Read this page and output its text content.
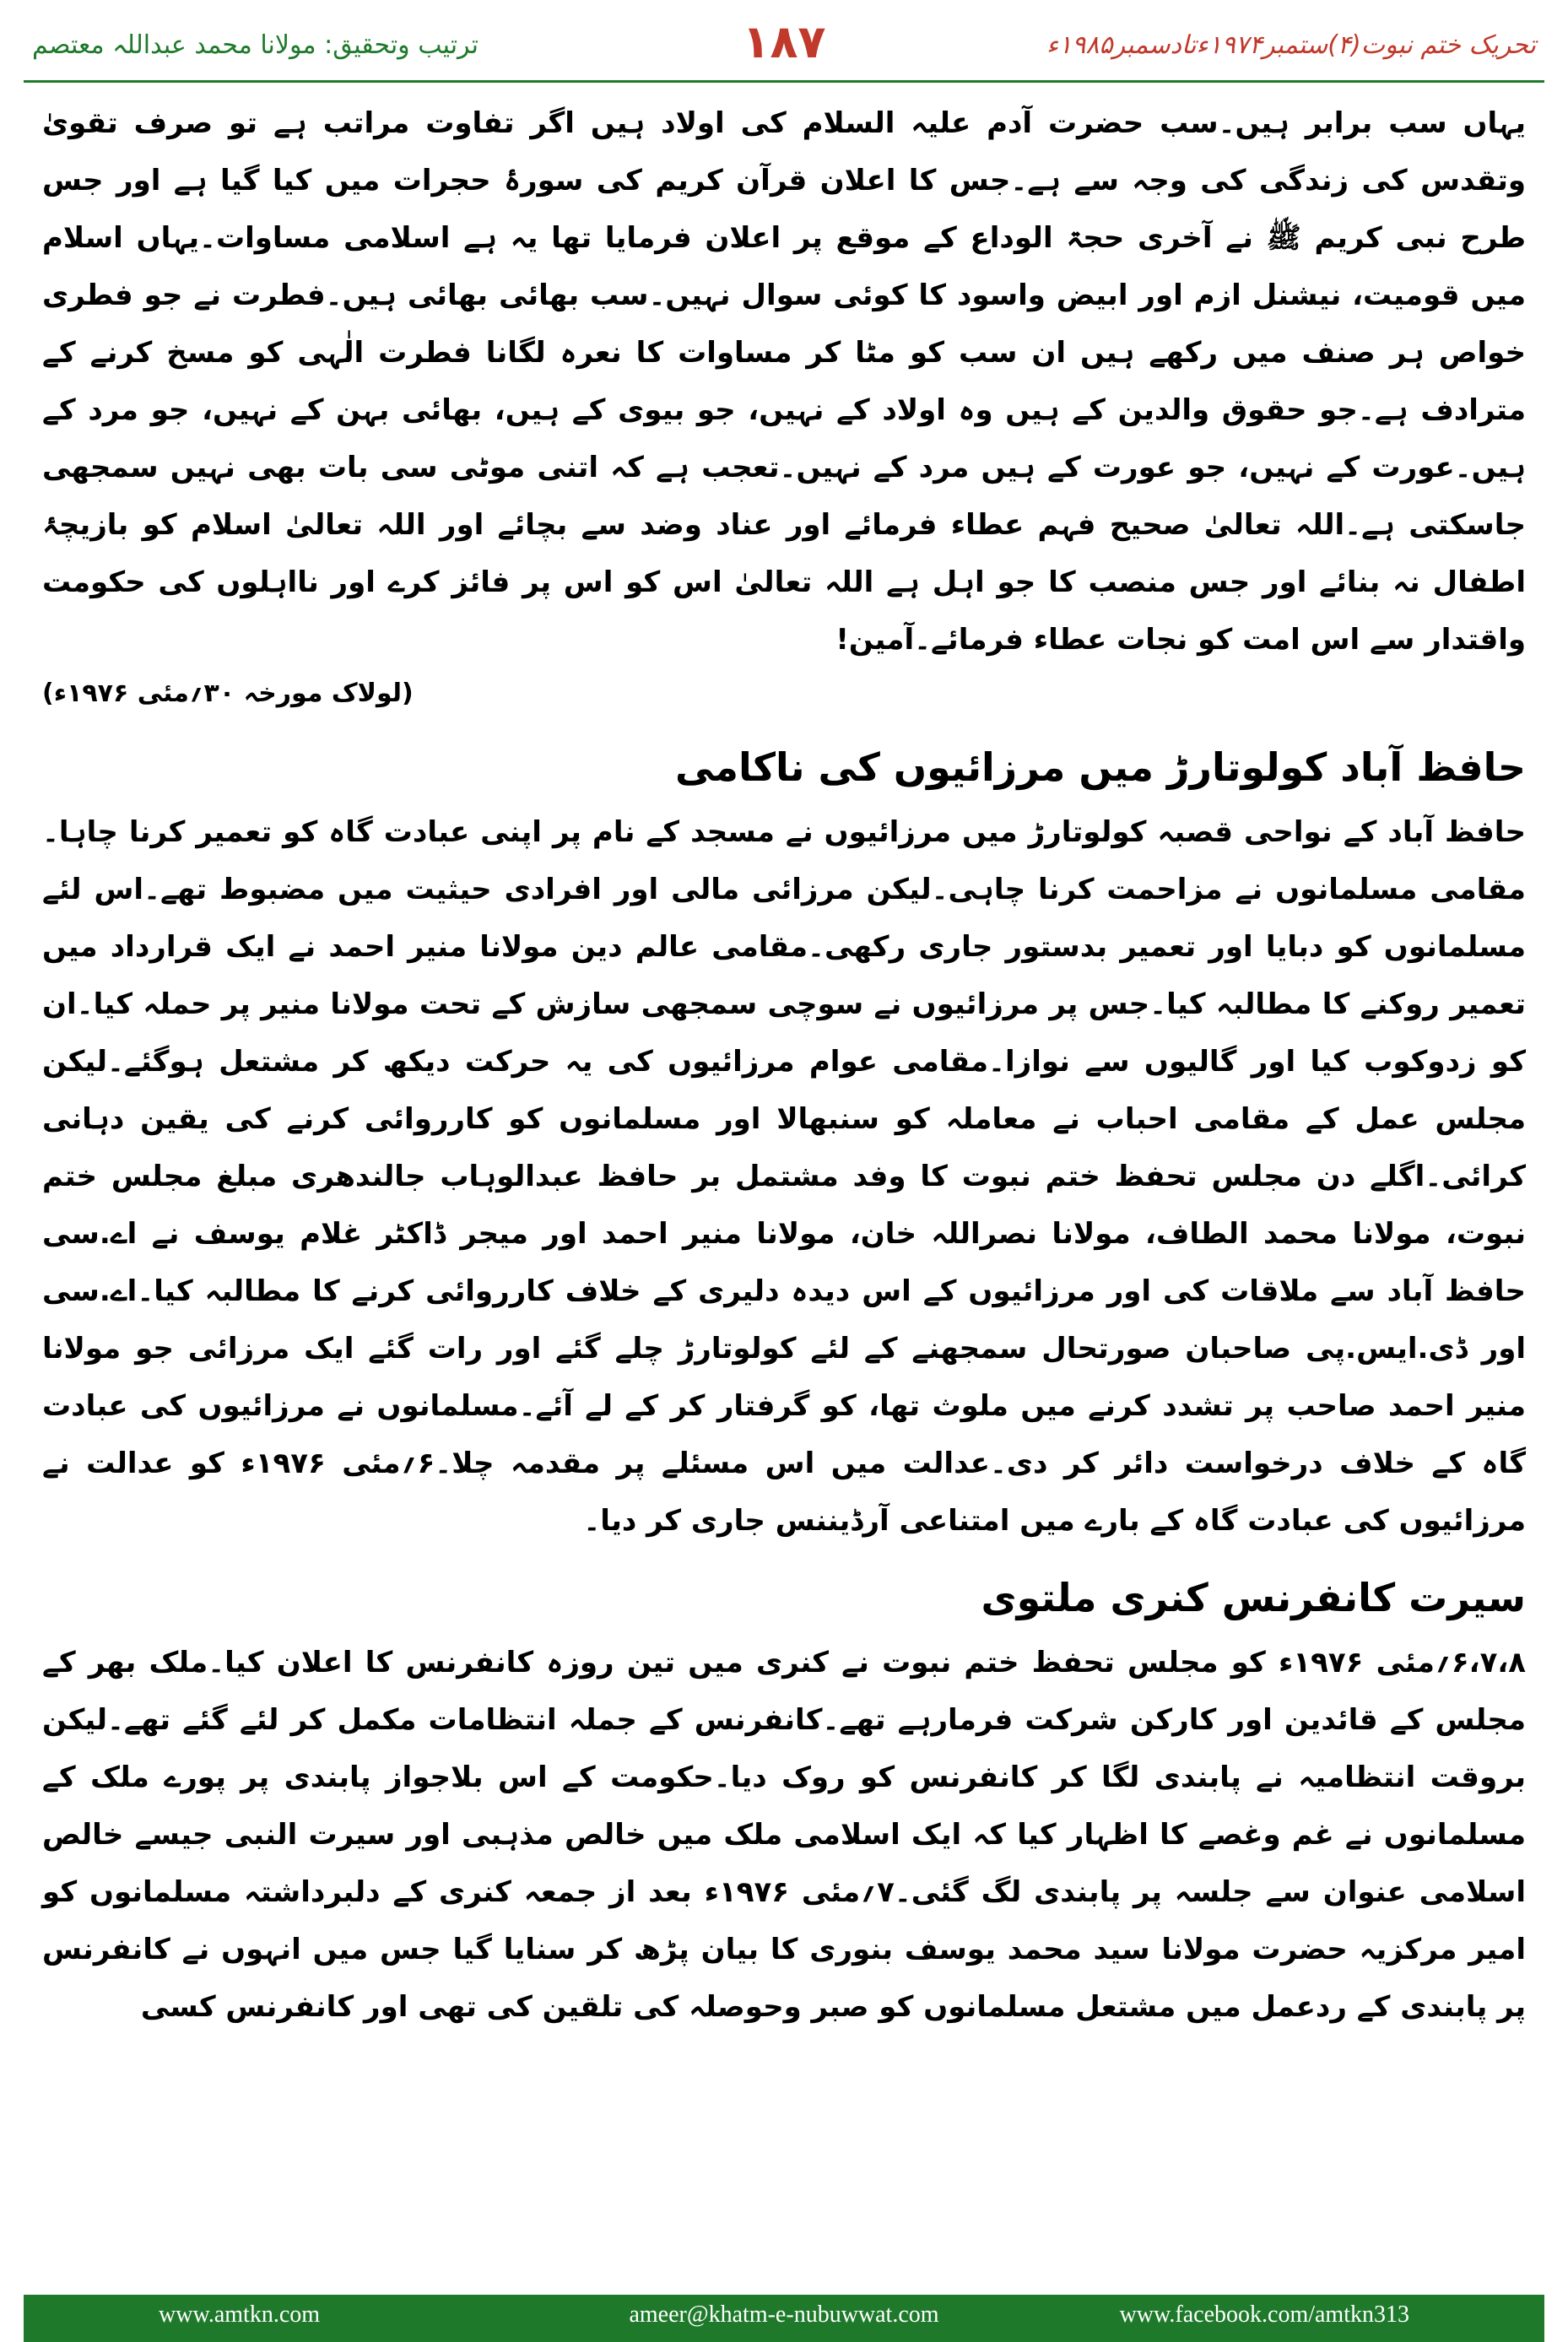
تحریک ختم نبوت(۴)ستمبر۱۹۷۴ءتادسمبر۱۹۸۵ء
۱۸۷
ترتیب وتحقیق: مولانا محمد عبداللہ معتصم

یہاں سب برابر ہیں۔سب حضرت آدم علیہ السلام کی اولاد ہیں اگر تفاوت مراتب ہے تو صرف تقویٰ وتقدس کی زندگی کی وجہ سے ہے۔جس کا اعلان قرآن کریم کی سورۂ حجرات میں کیا گیا ہے اور جس طرح نبی کریم ﷺ نے آخری حجۃ الوداع کے موقع پر اعلان فرمایا تھا یہ ہے اسلامی مساوات۔یہاں اسلام میں قومیت، نیشنل ازم اور ابیض واسود کا کوئی سوال نہیں۔سب بھائی بھائی ہیں۔فطرت نے جو فطری خواص ہر صنف میں رکھے ہیں ان سب کو مٹا کر مساوات کا نعرہ لگانا فطرت الٰہی کو مسخ کرنے کے مترادف ہے۔جو حقوق والدین کے ہیں وہ اولاد کے نہیں، جو بیوی کے ہیں، بھائی بہن کے نہیں، جو مرد کے ہیں۔عورت کے نہیں، جو عورت کے ہیں مرد کے نہیں۔تعجب ہے کہ اتنی موٹی سی بات بھی نہیں سمجھی جاسکتی ہے۔اللہ تعالیٰ صحیح فہم عطاء فرمائے اور عناد وضد سے بچائے اور اللہ تعالیٰ اسلام کو بازیچۂ اطفال نہ بنائے اور جس منصب کا جو اہل ہے اللہ تعالیٰ اس کو اس پر فائز کرے اور نااہلوں کی حکومت واقتدار سے اس امت کو نجات عطاء فرمائے۔آمین!

(لولاک مورخہ ۳۰؍مئی ۱۹۷۶ء)

حافظ آباد کولوتارڑ میں مرزائیوں کی ناکامی

حافظ آباد کے نواحی قصبہ کولوتارڑ میں مرزائیوں نے مسجد کے نام پر اپنی عبادت گاہ کو تعمیر کرنا چاہا۔مقامی مسلمانوں نے مزاحمت کرنا چاہی۔لیکن مرزائی مالی اور افرادی حیثیت میں مضبوط تھے۔اس لئے مسلمانوں کو دبایا اور تعمیر بدستور جاری رکھی۔مقامی عالم دین مولانا منیر احمد نے ایک قرارداد میں تعمیر روکنے کا مطالبہ کیا۔جس پر مرزائیوں نے سوچی سمجھی سازش کے تحت مولانا منیر پر حملہ کیا۔ان کو زدوکوب کیا اور گالیوں سے نوازا۔مقامی عوام مرزائیوں کی یہ حرکت دیکھ کر مشتعل ہوگئے۔لیکن مجلس عمل کے مقامی احباب نے معاملہ کو سنبھالا اور مسلمانوں کو کارروائی کرنے کی یقین دہانی کرائی۔اگلے دن مجلس تحفظ ختم نبوت کا وفد مشتمل بر حافظ عبدالوہاب جالندھری مبلغ مجلس ختم نبوت، مولانا محمد الطاف، مولانا نصراللہ خان، مولانا منیر احمد اور میجر ڈاکٹر غلام یوسف نے اے.سی حافظ آباد سے ملاقات کی اور مرزائیوں کے اس دیدہ دلیری کے خلاف کارروائی کرنے کا مطالبہ کیا۔اے.سی اور ڈی.ایس.پی صاحبان صورتحال سمجھنے کے لئے کولوتارڑ چلے گئے اور رات گئے ایک مرزائی جو مولانا منیر احمد صاحب پر تشدد کرنے میں ملوث تھا، کو گرفتار کر کے لے آئے۔مسلمانوں نے مرزائیوں کی عبادت گاہ کے خلاف درخواست دائر کر دی۔عدالت میں اس مسئلے پر مقدمہ چلا۔۶؍مئی ۱۹۷۶ء کو عدالت نے مرزائیوں کی عبادت گاہ کے بارے میں امتناعی آرڈیننس جاری کر دیا۔

سیرت کانفرنس کنری ملتوی

۶،۷،۸؍مئی ۱۹۷۶ء کو مجلس تحفظ ختم نبوت نے کنری میں تین روزہ کانفرنس کا اعلان کیا۔ملک بھر کے مجلس کے قائدین اور کارکن شرکت فرمارہے تھے۔کانفرنس کے جملہ انتظامات مکمل کر لئے گئے تھے۔لیکن بروقت انتظامیہ نے پابندی لگا کر کانفرنس کو روک دیا۔حکومت کے اس بلاجواز پابندی پر پورے ملک کے مسلمانوں نے غم وغصے کا اظہار کیا کہ ایک اسلامی ملک میں خالص مذہبی اور سیرت النبی جیسے خالص اسلامی عنوان سے جلسہ پر پابندی لگ گئی۔۷؍مئی ۱۹۷۶ء بعد از جمعہ کنری کے دلبرداشتہ مسلمانوں کو امیر مرکزیہ حضرت مولانا سید محمد یوسف بنوری کا بیان پڑھ کر سنایا گیا جس میں انہوں نے کانفرنس پر پابندی کے ردعمل میں مشتعل مسلمانوں کو صبر وحوصلہ کی تلقین کی تھی اور کانفرنس کسی

www.amtkn.com	ameer@khatm-e-nubuwwat.com	www.facebook.com/amtkn313
